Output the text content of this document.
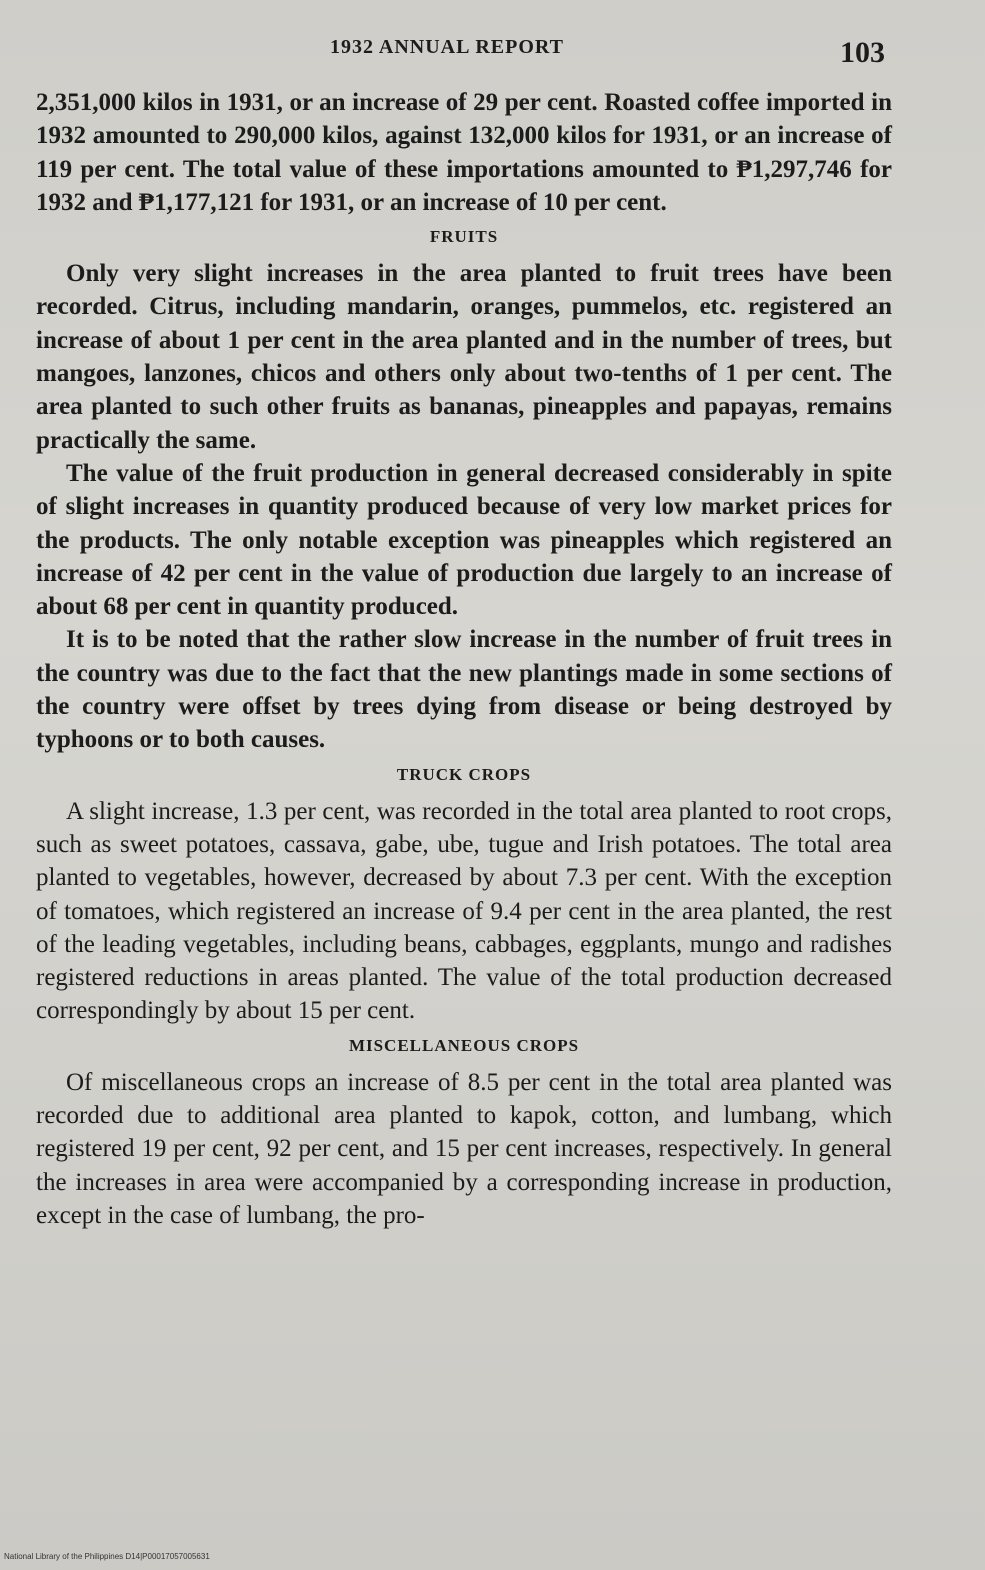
1932 ANNUAL REPORT	103

2,351,000 kilos in 1931, or an increase of 29 per cent. Roasted coffee imported in 1932 amounted to 290,000 kilos, against 132,000 kilos for 1931, or an increase of 119 per cent. The total value of these importations amounted to ₱1,297,746 for 1932 and ₱1,177,121 for 1931, or an increase of 10 per cent.

FRUITS

Only very slight increases in the area planted to fruit trees have been recorded. Citrus, including mandarin, oranges, pummelos, etc. registered an increase of about 1 per cent in the area planted and in the number of trees, but mangoes, lanzones, chicos and others only about two-tenths of 1 per cent. The area planted to such other fruits as bananas, pineapples and papayas, remains practically the same.

The value of the fruit production in general decreased considerably in spite of slight increases in quantity produced because of very low market prices for the products. The only notable exception was pineapples which registered an increase of 42 per cent in the value of production due largely to an increase of about 68 per cent in quantity produced.

It is to be noted that the rather slow increase in the number of fruit trees in the country was due to the fact that the new plantings made in some sections of the country were offset by trees dying from disease or being destroyed by typhoons or to both causes.

TRUCK CROPS

A slight increase, 1.3 per cent, was recorded in the total area planted to root crops, such as sweet potatoes, cassava, gabe, ube, tugue and Irish potatoes. The total area planted to vegetables, however, decreased by about 7.3 per cent. With the exception of tomatoes, which registered an increase of 9.4 per cent in the area planted, the rest of the leading vegetables, including beans, cabbages, eggplants, mungo and radishes registered reductions in areas planted. The value of the total production decreased correspondingly by about 15 per cent.

MISCELLANEOUS CROPS

Of miscellaneous crops an increase of 8.5 per cent in the total area planted was recorded due to additional area planted to kapok, cotton, and lumbang, which registered 19 per cent, 92 per cent, and 15 per cent increases, respectively. In general the increases in area were accompanied by a corresponding increase in production, except in the case of lumbang, the pro-

National Library of the Philippines D14|P00017057005631
